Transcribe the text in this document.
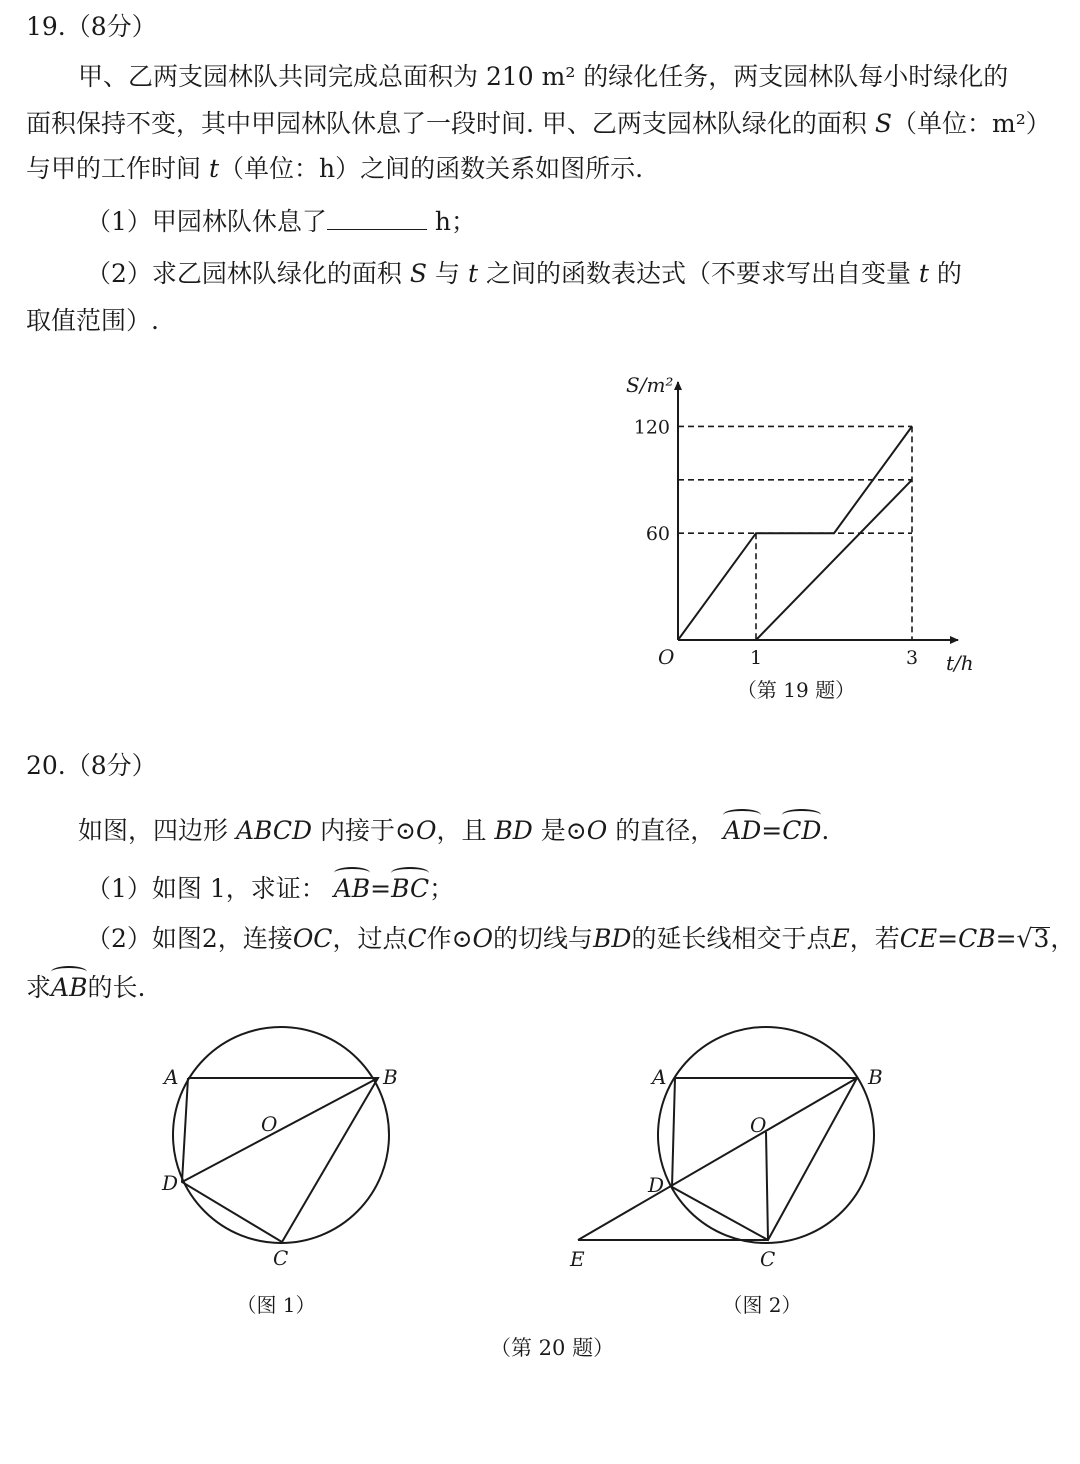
19.（8分）
甲、乙两支园林队共同完成总面积为 210 m² 的绿化任务，两支园林队每小时绿化的
面积保持不变，其中甲园林队休息了一段时间. 甲、乙两支园林队绿化的面积 S（单位：m²）
与甲的工作时间 t（单位：h）之间的函数关系如图所示.
（1）甲园林队休息了	h；
（2）求乙园林队绿化的面积 S 与 t 之间的函数表达式（不要求写出自变量 t 的
取值范围）.
1	3
60
120
S/m²
t/h
O
（第 19 题）
20.（8分）
如图，四边形 ABCD 内接于⊙O，且 BD 是⊙O 的直径， AD=CD.
（1）如图 1，求证： AB=BC；
（2）如图2，连接OC，过点C作⊙O的切线与BD的延长线相交于点E，若CE=CB=√3，
求AB的长.
A	B
O
D
C
（图 1）
A	B
O
D
E	C
（图 2）
（第 20 题）
